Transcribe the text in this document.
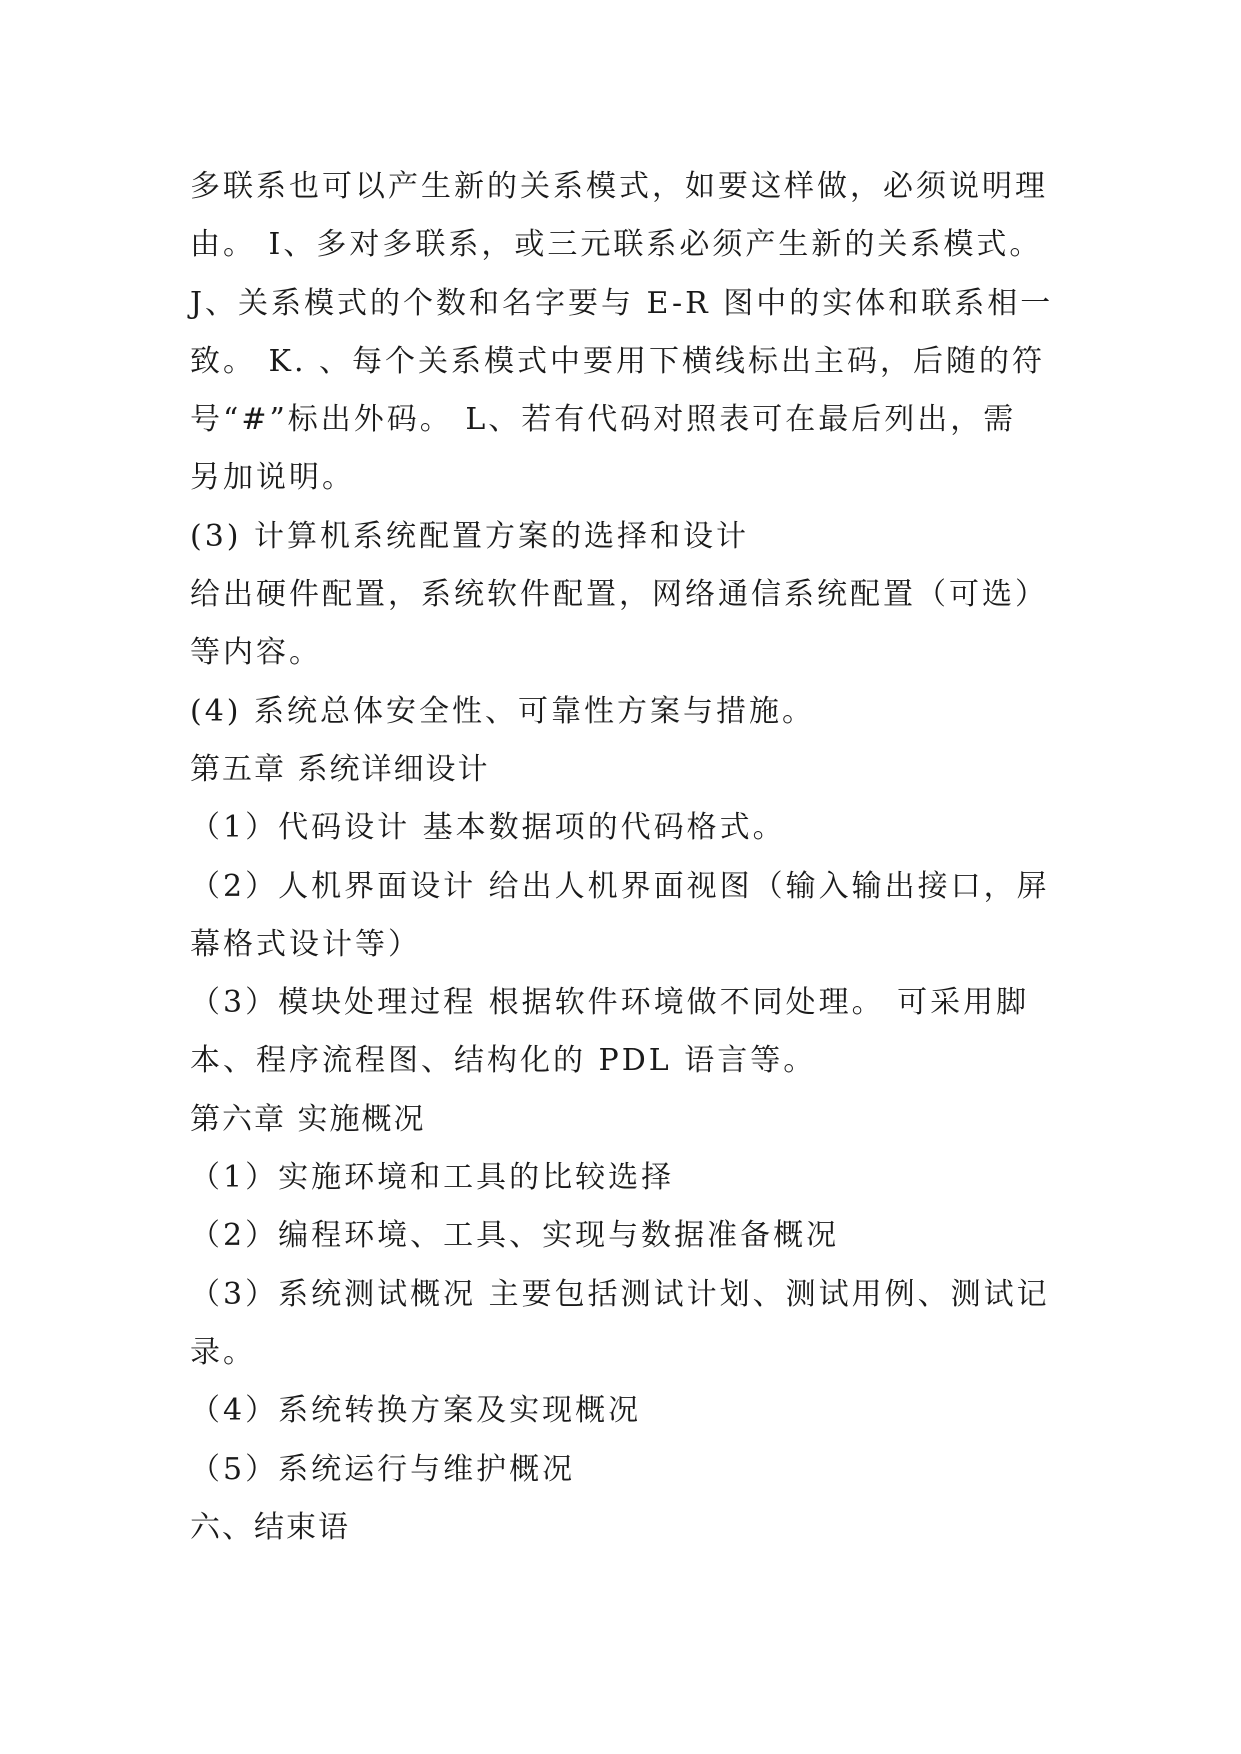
多联系也可以产生新的关系模式，如要这样做，必须说明理
由。 I、多对多联系，或三元联系必须产生新的关系模式。
J、关系模式的个数和名字要与 E-R 图中的实体和联系相一
致。 K. 、每个关系模式中要用下横线标出主码，后随的符
号“#”标出外码。 L、若有代码对照表可在最后列出，需
另加说明。
(3) 计算机系统配置方案的选择和设计
给出硬件配置，系统软件配置，网络通信系统配置（可选）
等内容。
(4) 系统总体安全性、可靠性方案与措施。
第五章 系统详细设计
（1）代码设计 基本数据项的代码格式。
（2）人机界面设计 给出人机界面视图（输入输出接口，屏
幕格式设计等）
（3）模块处理过程 根据软件环境做不同处理。 可采用脚
本、程序流程图、结构化的 PDL 语言等。
第六章 实施概况
（1）实施环境和工具的比较选择
（2）编程环境、工具、实现与数据准备概况
（3）系统测试概况 主要包括测试计划、测试用例、测试记
录。
（4）系统转换方案及实现概况
（5）系统运行与维护概况
六、结束语
